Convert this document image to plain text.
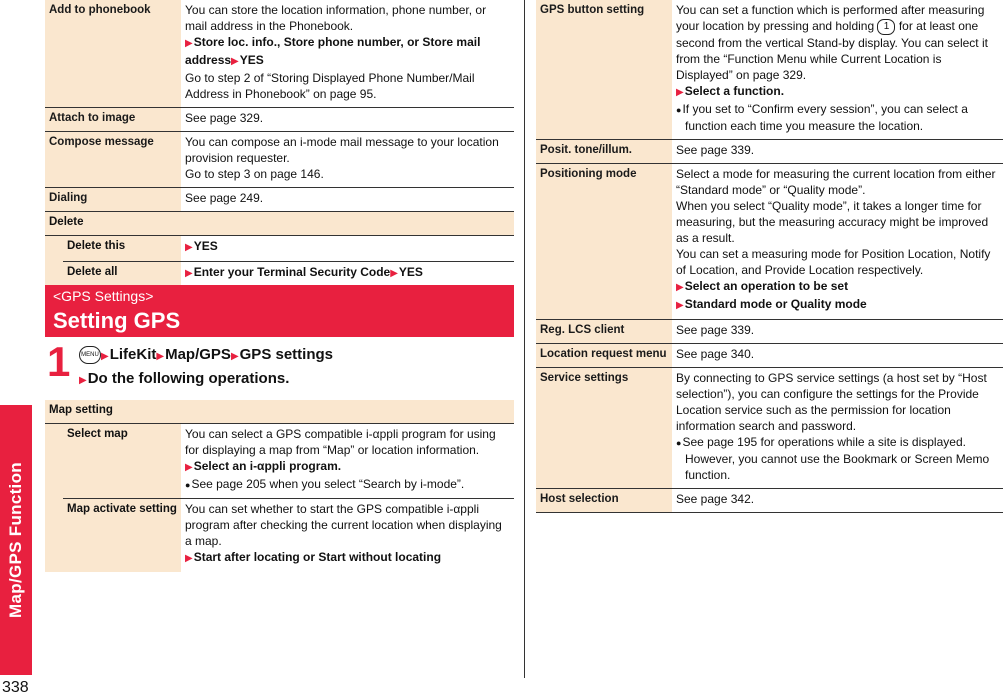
Map/GPS Function
338
Add to phonebook		You can store the location information, phone number, or mail address in the Phonebook.
▶Store loc. info., Store phone number, or Store mail address▶YES
Go to step 2 of “Storing Displayed Phone Number/Mail Address in Phonebook” on page 95.

Attach to image		See page 329.
Compose message		You can compose an i-mode mail message to your location provision requester.
Go to step 3 on page 146.

Dialing		See page 249.
Delete		
	Delete this	▶YES
	Delete all	▶Enter your Terminal Security Code▶YES
<GPS Settings>
Setting GPS
1	MENU ▶LifeKit▶Map/GPS▶GPS settings
▶Do the following operations.
Map setting		
	Select map	You can select a GPS compatible i-αppli program for using for displaying a map from “Map” or location information.
▶Select an i-αppli program.
●See page 205 when you select “Search by i-mode”.

	Map activate setting	You can set whether to start the GPS compatible i-αppli program after checking the current location when displaying a map.
▶Start after locating or Start without locating
GPS button setting	You can set a function which is performed after measuring your location by pressing and holding 1 for at least one second from the vertical Stand-by display. You can select it from the “Function Menu while Current Location is Displayed” on page 329.
▶Select a function.
●If you set to “Confirm every session”, you can select a function each time you measure the location.

Posit. tone/illum.	See page 339.
Positioning mode	Select a mode for measuring the current location from either “Standard mode” or “Quality mode”.
When you select “Quality mode”, it takes a longer time for measuring, but the measuring accuracy might be improved as a result.
You can set a measuring mode for Position Location, Notify of Location, and Provide Location respectively.
▶Select an operation to be set
▶Standard mode or Quality mode

Reg. LCS client	See page 339.
Location request menu	See page 340.
Service settings	By connecting to GPS service settings (a host set by “Host selection”), you can configure the settings for the Provide Location service such as the permission for location information search and password.
●See page 195 for operations while a site is displayed. However, you cannot use the Bookmark or Screen Memo function.

Host selection	See page 342.
